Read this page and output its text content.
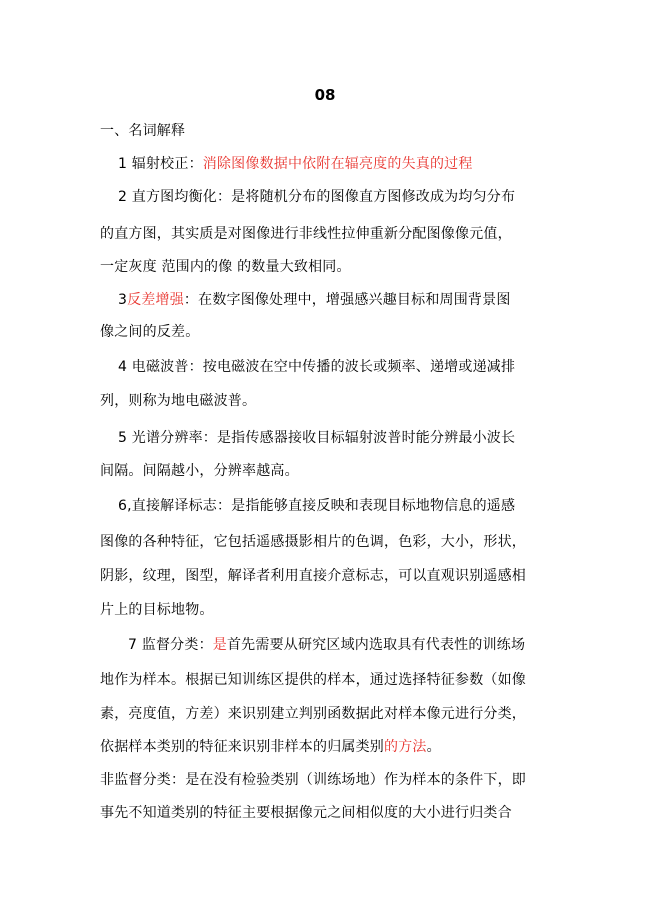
08
一、名词解释
1 辐射校正：消除图像数据中依附在辐亮度的失真的过程
2 直方图均衡化：是将随机分布的图像直方图修改成为均匀分布
的直方图，其实质是对图像进行非线性拉伸重新分配图像像元值，
一定灰度 范围内的像 的数量大致相同。
3反差增强：在数字图像处理中，增强感兴趣目标和周围背景图
像之间的反差。
4 电磁波普：按电磁波在空中传播的波长或频率、递增或递减排
列，则称为地电磁波普。
5 光谱分辨率：是指传感器接收目标辐射波普时能分辨最小波长
间隔。间隔越小，分辨率越高。
6,直接解译标志：是指能够直接反映和表现目标地物信息的遥感
图像的各种特征，它包括遥感摄影相片的色调，色彩，大小，形状，
阴影，纹理，图型，解译者利用直接介意标志，可以直观识别遥感相
片上的目标地物。
7 监督分类：是首先需要从研究区域内选取具有代表性的训练场
地作为样本。根据已知训练区提供的样本，通过选择特征参数（如像
素，亮度值，方差）来识别建立判别函数据此对样本像元进行分类，
依据样本类别的特征来识别非样本的归属类别的方法。
非监督分类：是在没有检验类别（训练场地）作为样本的条件下，即
事先不知道类别的特征主要根据像元之间相似度的大小进行归类合
